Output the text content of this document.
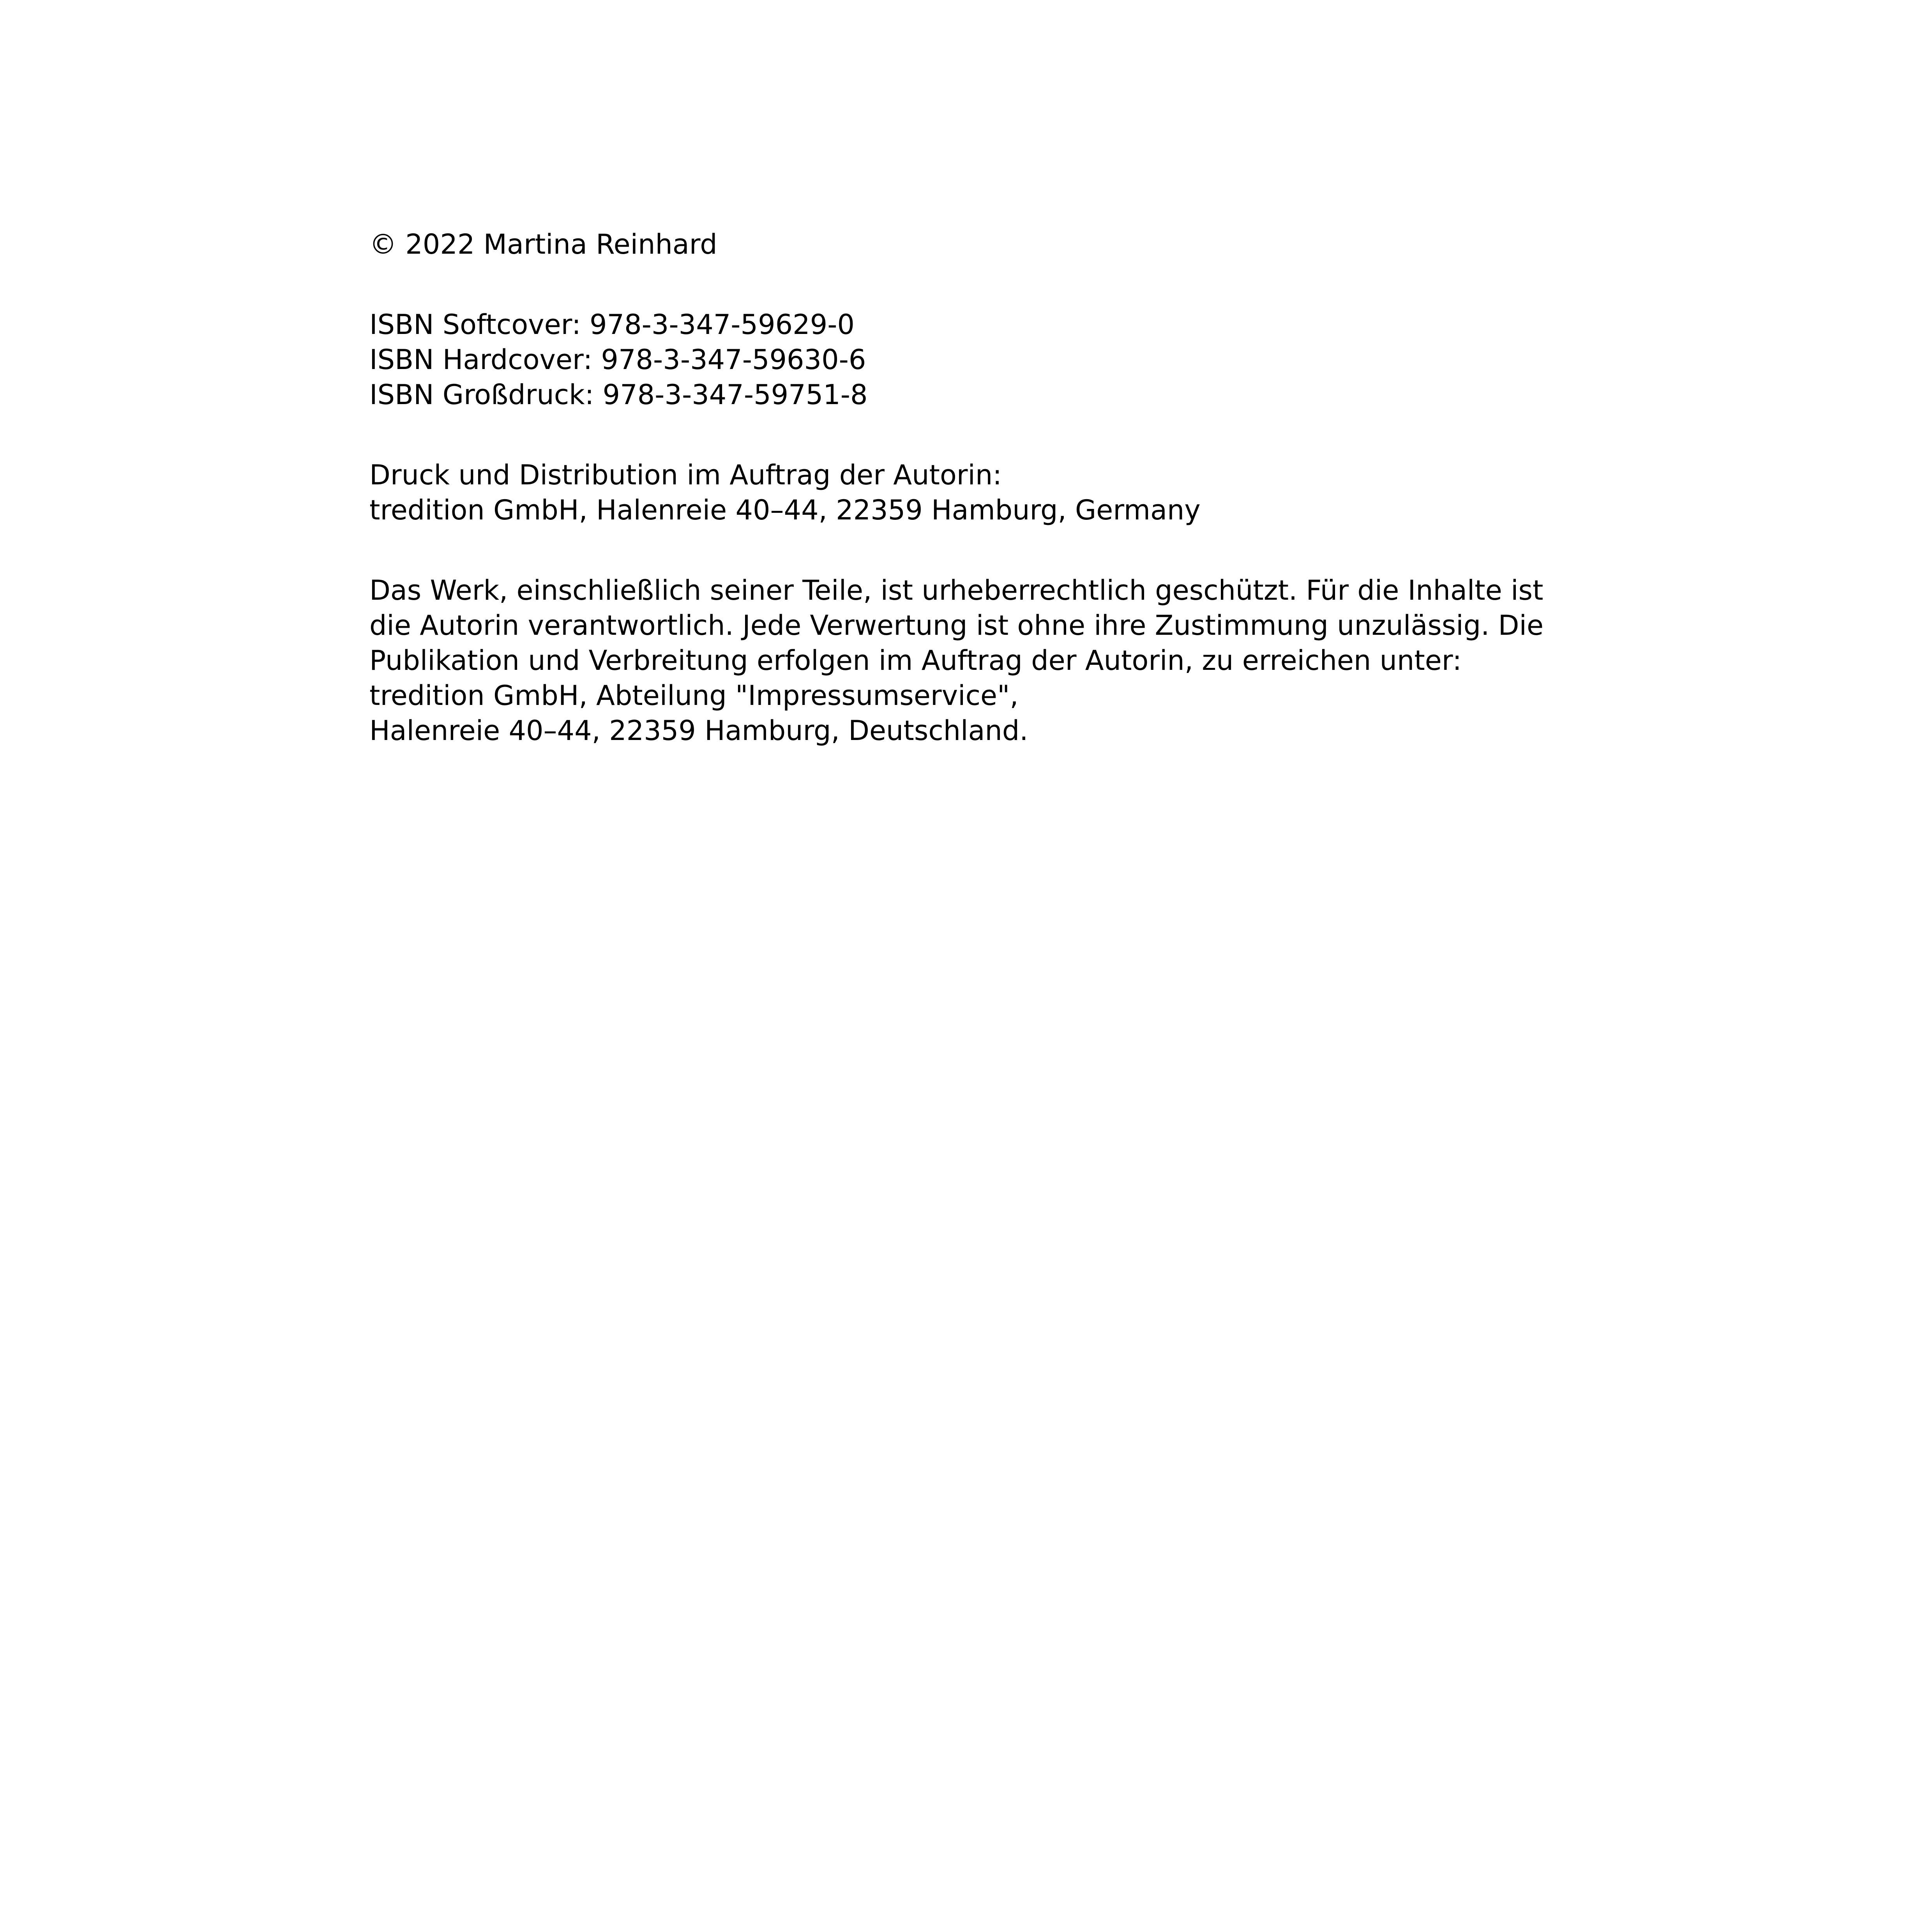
© 2022 Martina Reinhard
ISBN Softcover: 978-3-347-59629-0
ISBN Hardcover: 978-3-347-59630-6
ISBN Großdruck: 978-3-347-59751-8
Druck und Distribution im Auftrag der Autorin:
tredition GmbH, Halenreie 40–44, 22359 Hamburg, Germany
Das Werk, einschließlich seiner Teile, ist urheberrechtlich geschützt. Für die Inhalte ist
die Autorin verantwortlich. Jede Verwertung ist ohne ihre Zustimmung unzulässig. Die
Publikation und Verbreitung erfolgen im Auftrag der Autorin, zu erreichen unter:
tredition GmbH, Abteilung "Impressumservice",
Halenreie 40–44, 22359 Hamburg, Deutschland.
